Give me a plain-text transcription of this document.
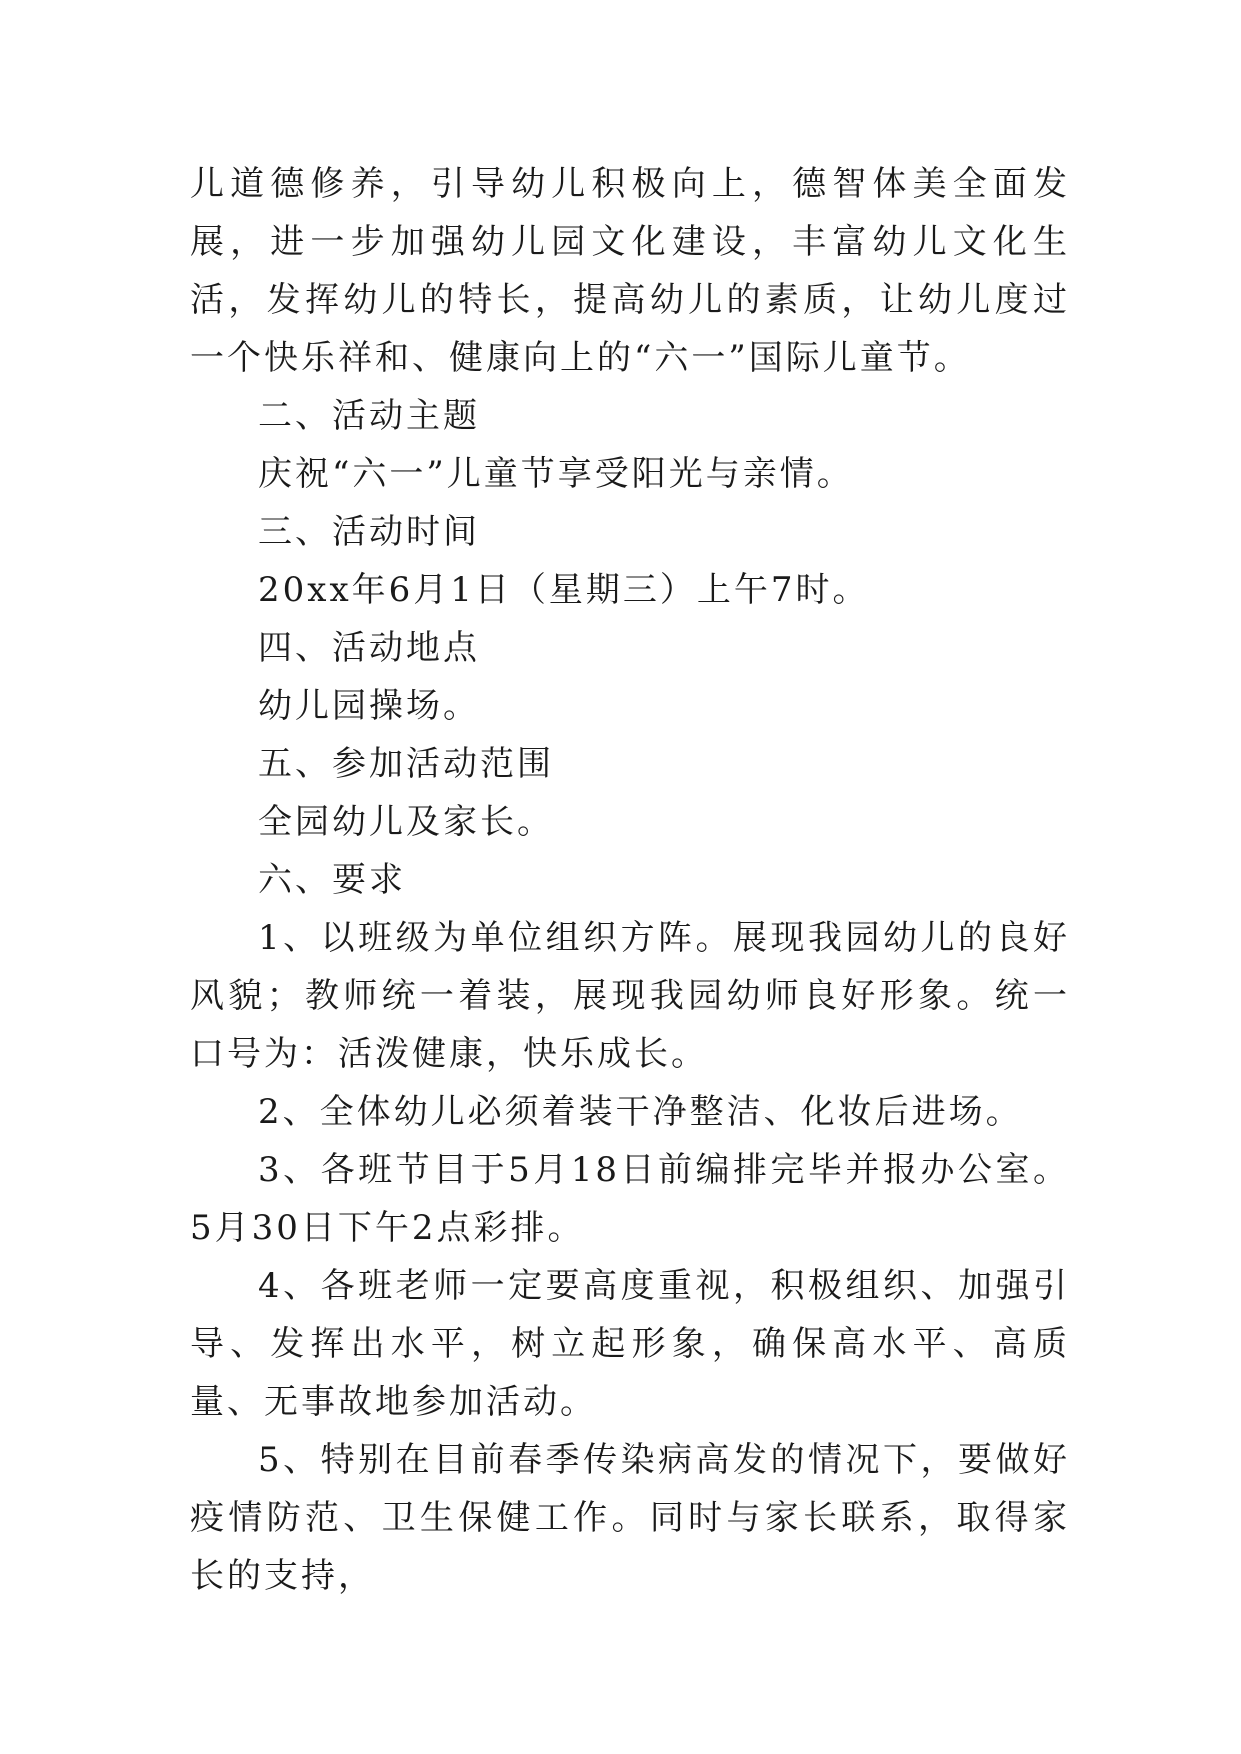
儿道德修养，引导幼儿积极向上，德智体美全面发展，进一步加强幼儿园文化建设，丰富幼儿文化生活，发挥幼儿的特长，提高幼儿的素质，让幼儿度过一个快乐祥和、健康向上的“六一”国际儿童节。

二、活动主题

庆祝“六一”儿童节享受阳光与亲情。

三、活动时间

20xx年6月1日（星期三）上午7时。

四、活动地点

幼儿园操场。

五、参加活动范围

全园幼儿及家长。

六、要求

1、以班级为单位组织方阵。展现我园幼儿的良好风貌；教师统一着装，展现我园幼师良好形象。统一口号为：活泼健康，快乐成长。

2、全体幼儿必须着装干净整洁、化妆后进场。

3、各班节目于5月18日前编排完毕并报办公室。5月30日下午2点彩排。

4、各班老师一定要高度重视，积极组织、加强引导、发挥出水平，树立起形象，确保高水平、高质量、无事故地参加活动。

5、特别在目前春季传染病高发的情况下，要做好疫情防范、卫生保健工作。同时与家长联系，取得家长的支持，
